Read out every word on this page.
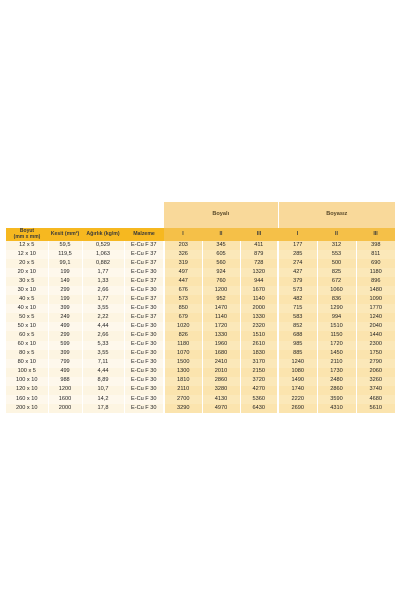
				Boyalı			Boyasız		
Boyut
(mm x mm)	Kesit (mm²)	Ağırlık (kg/m)	Malzeme	I	II	III	I	II	III
12 x 5	59,5	0,529	E-Cu F 37	203	345	411	177	312	398
12 x 10	119,5	1,063	E-Cu F 37	326	605	879	285	553	811
20 x 5	99,1	0,882	E-Cu F 37	319	560	728	274	500	690
20 x 10	199	1,77	E-Cu F 30	497	924	1320	427	825	1180
30 x 5	149	1,33	E-Cu F 37	447	760	944	379	672	896
30 x 10	299	2,66	E-Cu F 30	676	1200	1670	573	1060	1480
40 x 5	199	1,77	E-Cu F 37	573	952	1140	482	836	1090
40 x 10	399	3,55	E-Cu F 30	850	1470	2000	715	1290	1770
50 x 5	249	2,22	E-Cu F 37	679	1140	1330	583	994	1240
50 x 10	499	4,44	E-Cu F 30	1020	1720	2320	852	1510	2040
60 x 5	299	2,66	E-Cu F 30	826	1330	1510	688	1150	1440
60 x 10	599	5,33	E-Cu F 30	1180	1960	2610	985	1720	2300
80 x 5	399	3,55	E-Cu F 30	1070	1680	1830	885	1450	1750
80 x 10	799	7,11	E-Cu F 30	1500	2410	3170	1240	2110	2790
100 x 5	499	4,44	E-Cu F 30	1300	2010	2150	1080	1730	2060
100 x 10	988	8,89	E-Cu F 30	1810	2860	3720	1490	2480	3260
120 x 10	1200	10,7	E-Cu F 30	2110	3280	4270	1740	2860	3740
160 x 10	1600	14,2	E-Cu F 30	2700	4130	5360	2220	3590	4680
200 x 10	2000	17,8	E-Cu F 30	3290	4970	6430	2690	4310	5610
